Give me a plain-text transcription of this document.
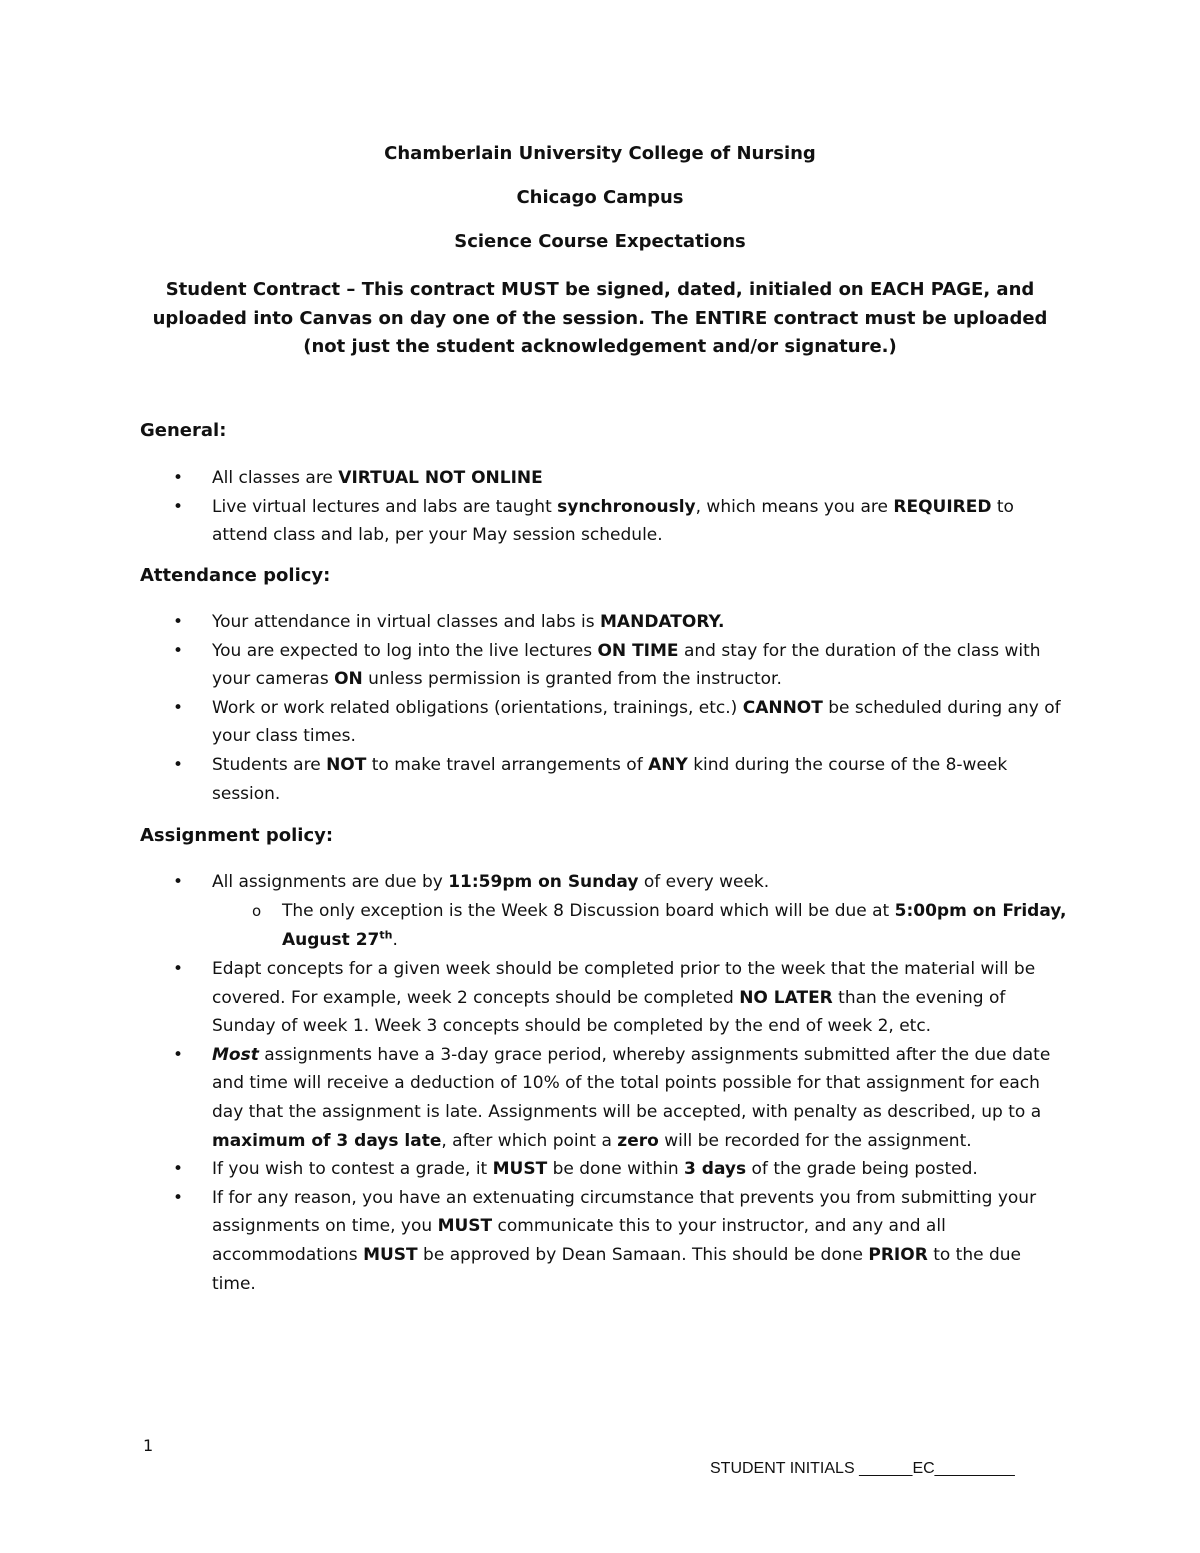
Chamberlain University College of Nursing
Chicago Campus
Science Course Expectations
Student Contract – This contract MUST be signed, dated, initialed on EACH PAGE, and uploaded into Canvas on day one of the session. The ENTIRE contract must be uploaded (not just the student acknowledgement and/or signature.)
General:
• All classes are VIRTUAL NOT ONLINE
• Live virtual lectures and labs are taught synchronously, which means you are REQUIRED to attend class and lab, per your May session schedule.
Attendance policy:
• Your attendance in virtual classes and labs is MANDATORY.
• You are expected to log into the live lectures ON TIME and stay for the duration of the class with your cameras ON unless permission is granted from the instructor.
• Work or work related obligations (orientations, trainings, etc.) CANNOT be scheduled during any of your class times.
• Students are NOT to make travel arrangements of ANY kind during the course of the 8-week session.
Assignment policy:
• All assignments are due by 11:59pm on Sunday of every week.
o The only exception is the Week 8 Discussion board which will be due at 5:00pm on Friday, August 27th.
• Edapt concepts for a given week should be completed prior to the week that the material will be covered. For example, week 2 concepts should be completed NO LATER than the evening of Sunday of week 1. Week 3 concepts should be completed by the end of week 2, etc.
• Most assignments have a 3-day grace period, whereby assignments submitted after the due date and time will receive a deduction of 10% of the total points possible for that assignment for each day that the assignment is late. Assignments will be accepted, with penalty as described, up to a maximum of 3 days late, after which point a zero will be recorded for the assignment.
• If you wish to contest a grade, it MUST be done within 3 days of the grade being posted.
• If for any reason, you have an extenuating circumstance that prevents you from submitting your assignments on time, you MUST communicate this to your instructor, and any and all accommodations MUST be approved by Dean Samaan. This should be done PRIOR to the due time.
1
STUDENT INITIALS ______EC_________
